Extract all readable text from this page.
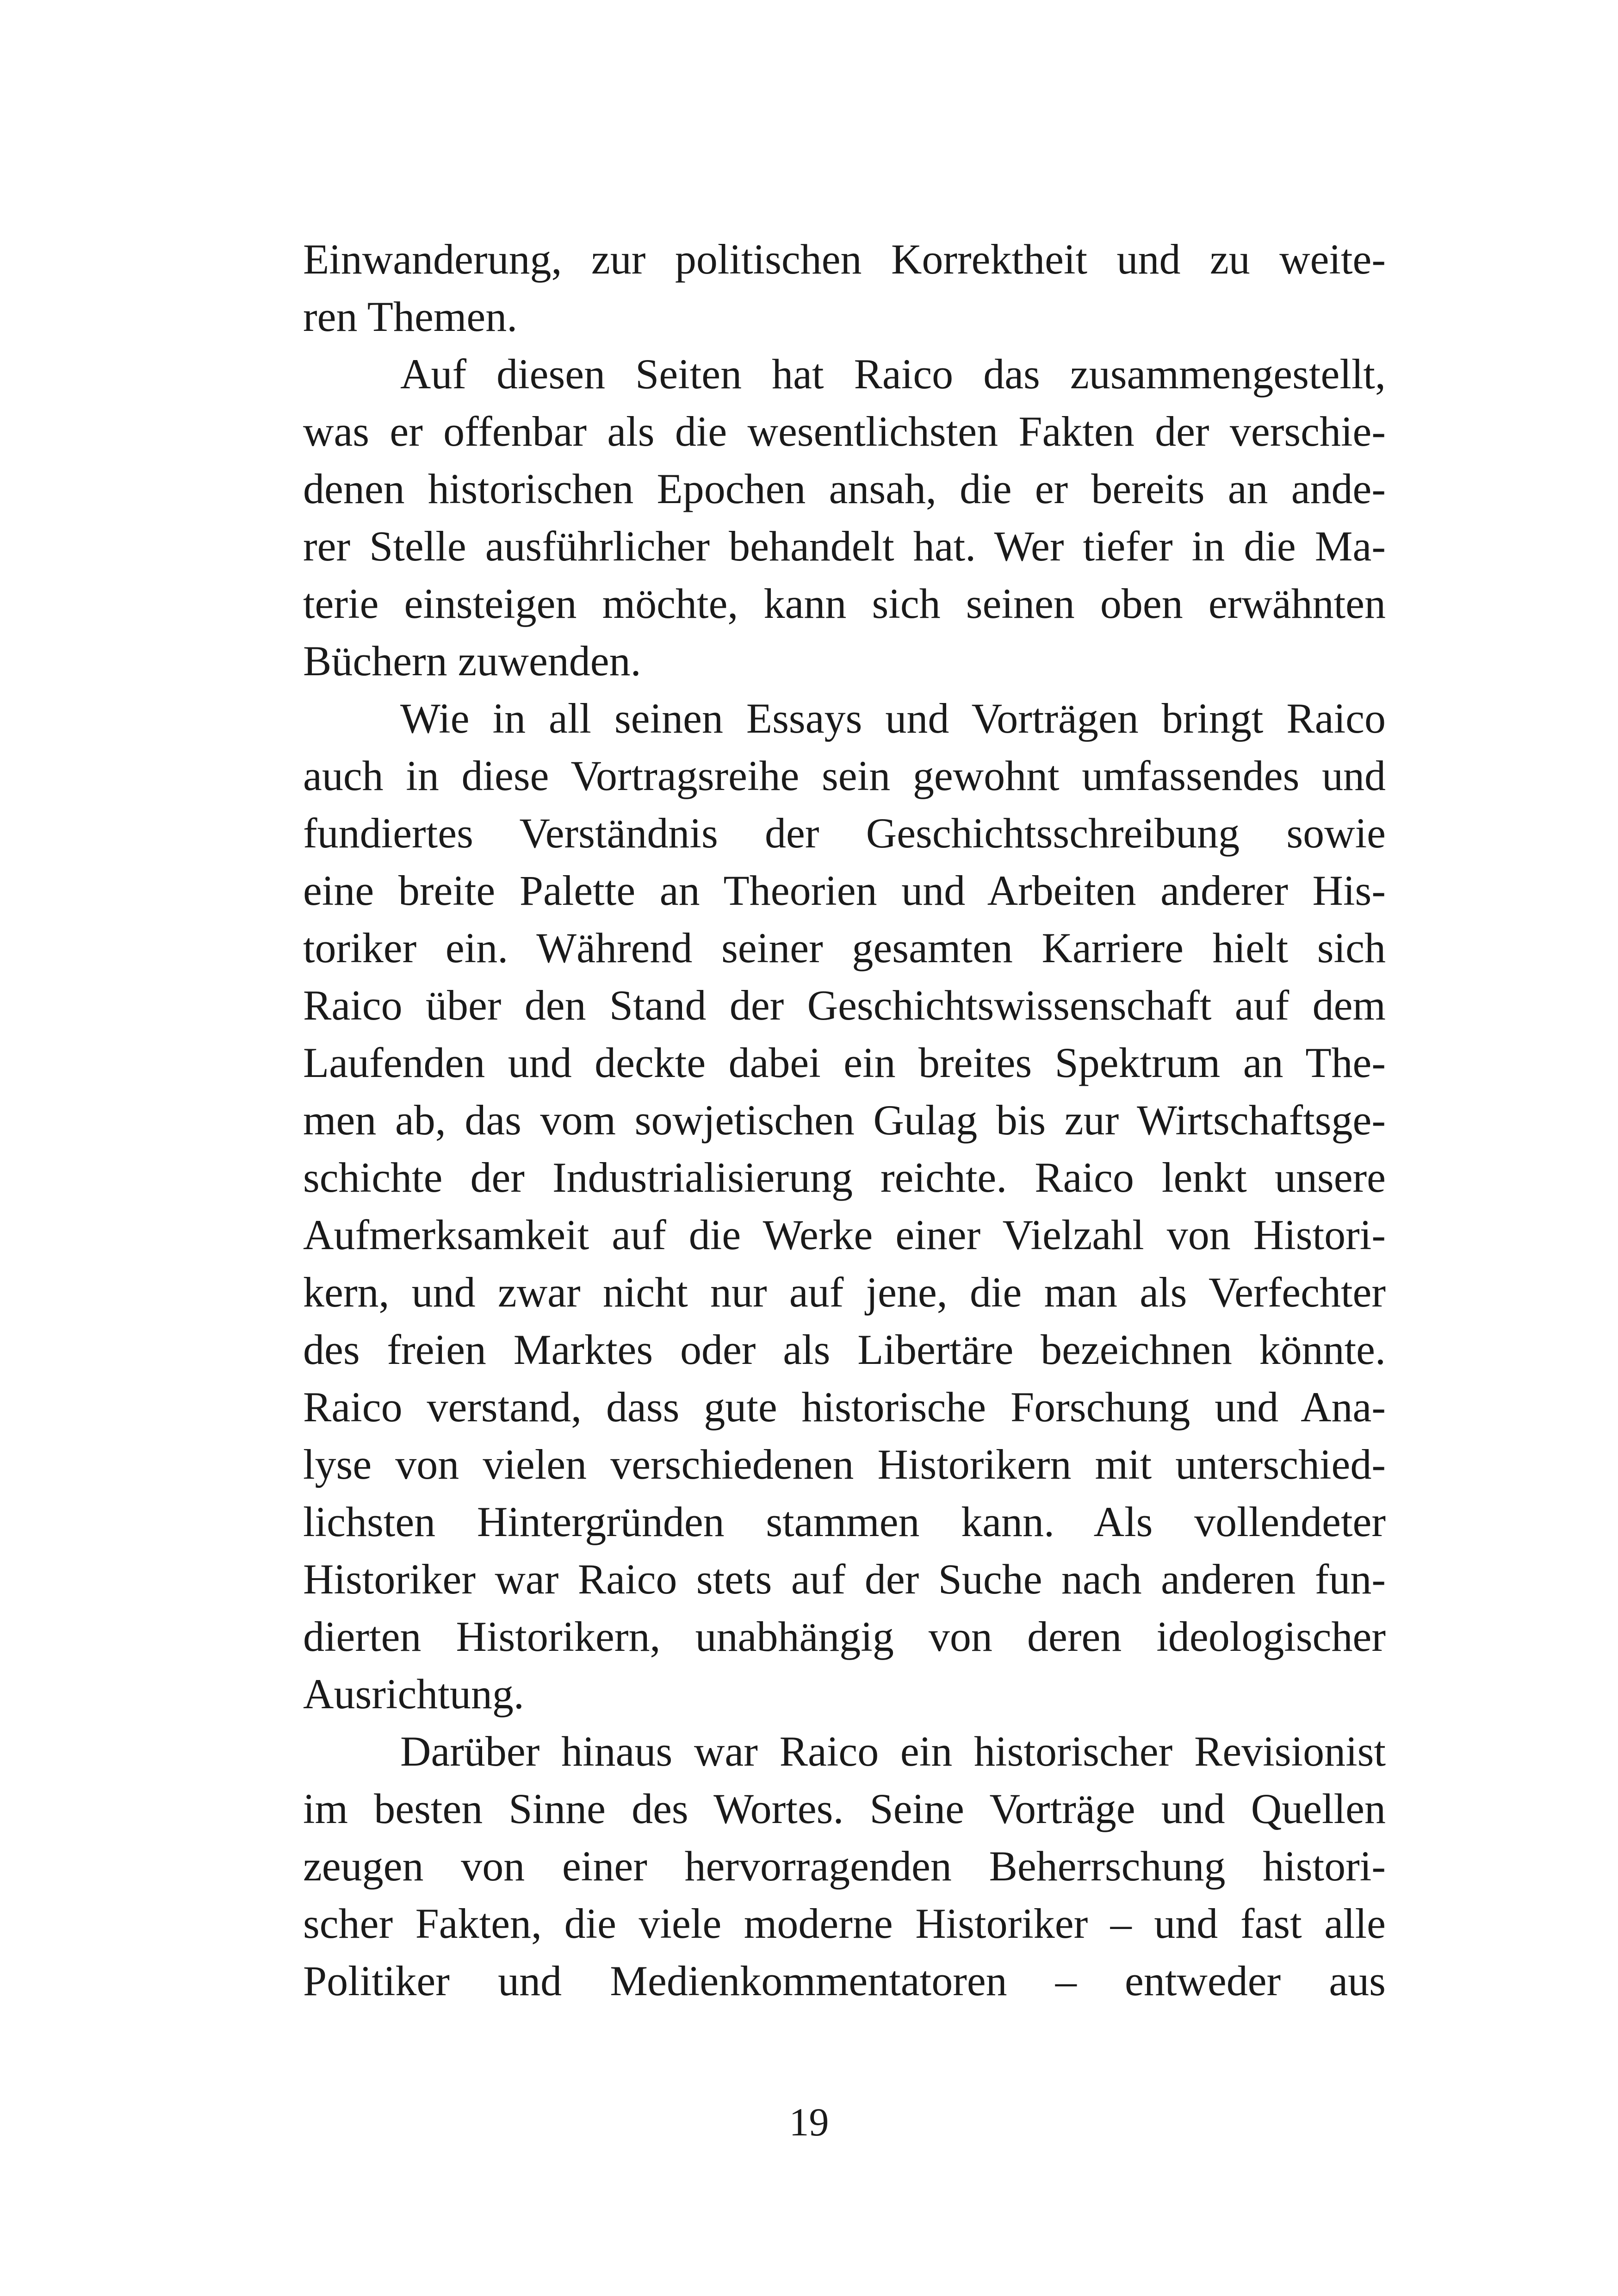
Einwanderung, zur politischen Korrektheit und zu weite-
ren Themen.

Auf diesen Seiten hat Raico das zusammengestellt,
was er offenbar als die wesentlichsten Fakten der verschie-
denen historischen Epochen ansah, die er bereits an ande-
rer Stelle ausführlicher behandelt hat. Wer tiefer in die Ma-
terie einsteigen möchte, kann sich seinen oben erwähnten
Büchern zuwenden.

Wie in all seinen Essays und Vorträgen bringt Raico
auch in diese Vortragsreihe sein gewohnt umfassendes und
fundiertes Verständnis der Geschichtsschreibung sowie
eine breite Palette an Theorien und Arbeiten anderer His-
toriker ein. Während seiner gesamten Karriere hielt sich
Raico über den Stand der Geschichtswissenschaft auf dem
Laufenden und deckte dabei ein breites Spektrum an The-
men ab, das vom sowjetischen Gulag bis zur Wirtschaftsge-
schichte der Industrialisierung reichte. Raico lenkt unsere
Aufmerksamkeit auf die Werke einer Vielzahl von Histori-
kern, und zwar nicht nur auf jene, die man als Verfechter
des freien Marktes oder als Libertäre bezeichnen könnte.
Raico verstand, dass gute historische Forschung und Ana-
lyse von vielen verschiedenen Historikern mit unterschied-
lichsten Hintergründen stammen kann. Als vollendeter
Historiker war Raico stets auf der Suche nach anderen fun-
dierten Historikern, unabhängig von deren ideologischer
Ausrichtung.

Darüber hinaus war Raico ein historischer Revisionist
im besten Sinne des Wortes. Seine Vorträge und Quellen
zeugen von einer hervorragenden Beherrschung histori-
scher Fakten, die viele moderne Historiker – und fast alle
Politiker und Medienkommentatoren – entweder aus

19
